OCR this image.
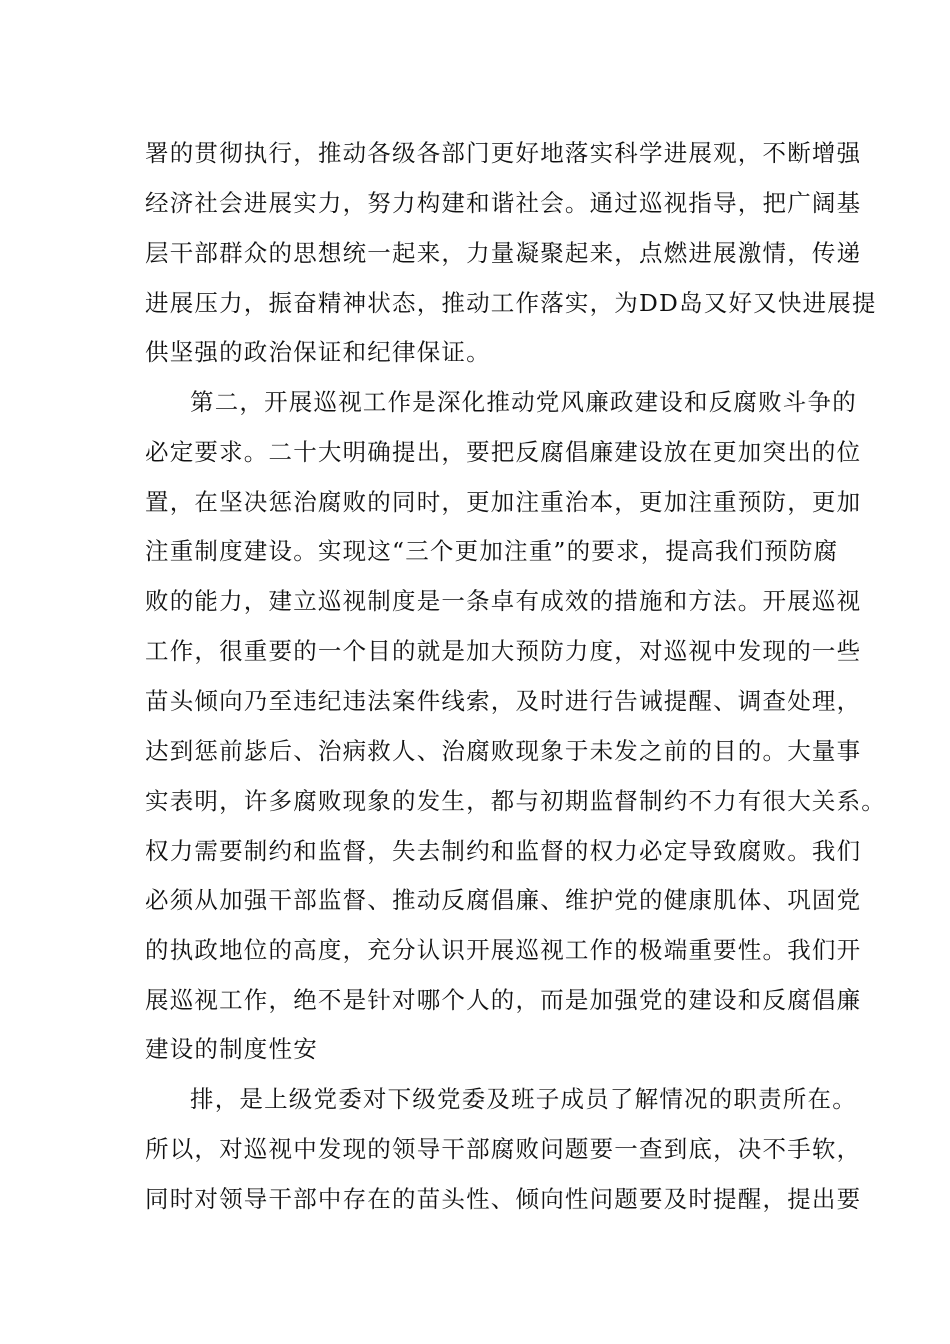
署的贯彻执行，推动各级各部门更好地落实科学进展观，不断增强
经济社会进展实力，努力构建和谐社会。通过巡视指导，把广阔基
层干部群众的思想统一起来，力量凝聚起来，点燃进展激情，传递
进展压力，振奋精神状态，推动工作落实，为DD岛又好又快进展提
供坚强的政治保证和纪律保证。
第二，开展巡视工作是深化推动党风廉政建设和反腐败斗争的
必定要求。二十大明确提出，要把反腐倡廉建设放在更加突出的位
置，在坚决惩治腐败的同时，更加注重治本，更加注重预防，更加
注重制度建设。实现这“三个更加注重”的要求，提高我们预防腐
败的能力，建立巡视制度是一条卓有成效的措施和方法。开展巡视
工作，很重要的一个目的就是加大预防力度，对巡视中发现的一些
苗头倾向乃至违纪违法案件线索，及时进行告诫提醒、调查处理，
达到惩前毖后、治病救人、治腐败现象于未发之前的目的。大量事
实表明，许多腐败现象的发生，都与初期监督制约不力有很大关系。
权力需要制约和监督，失去制约和监督的权力必定导致腐败。我们
必须从加强干部监督、推动反腐倡廉、维护党的健康肌体、巩固党
的执政地位的高度，充分认识开展巡视工作的极端重要性。我们开
展巡视工作，绝不是针对哪个人的，而是加强党的建设和反腐倡廉
建设的制度性安
排，是上级党委对下级党委及班子成员了解情况的职责所在。
所以，对巡视中发现的领导干部腐败问题要一查到底，决不手软，
同时对领导干部中存在的苗头性、倾向性问题要及时提醒，提出要
